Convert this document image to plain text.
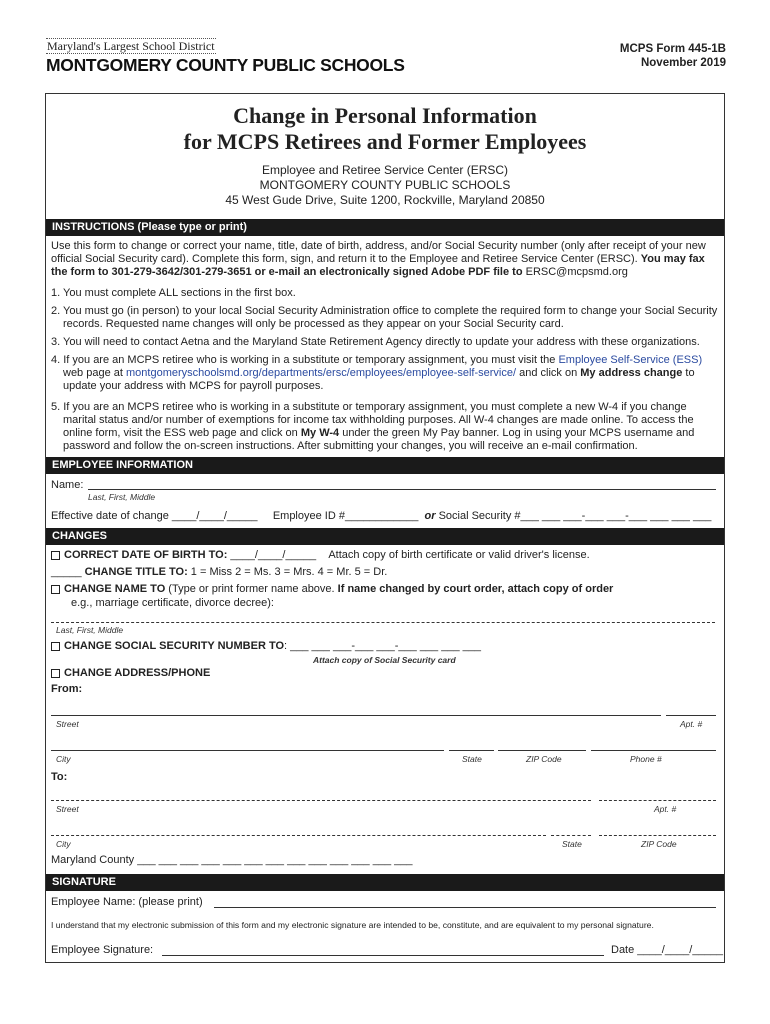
Maryland's Largest School District
MONTGOMERY COUNTY PUBLIC SCHOOLS
MCPS Form 445-1B
November 2019
Change in Personal Information
for MCPS Retirees and Former Employees
Employee and Retiree Service Center (ERSC)
MONTGOMERY COUNTY PUBLIC SCHOOLS
45 West Gude Drive, Suite 1200, Rockville, Maryland 20850
INSTRUCTIONS (Please type or print)
Use this form to change or correct your name, title, date of birth, address, and/or Social Security number (only after receipt of your new official Social Security card). Complete this form, sign, and return it to the Employee and Retiree Service Center (ERSC). You may fax the form to 301-279-3642/301-279-3651 or e-mail an electronically signed Adobe PDF file to ERSC@mcpsmd.org
1. You must complete ALL sections in the first box.
2. You must go (in person) to your local Social Security Administration office to complete the required form to change your Social Security records. Requested name changes will only be processed as they appear on your Social Security card.
3. You will need to contact Aetna and the Maryland State Retirement Agency directly to update your address with these organizations.
4. If you are an MCPS retiree who is working in a substitute or temporary assignment, you must visit the Employee Self-Service (ESS) web page at montgomeryschoolsmd.org/departments/ersc/employees/employee-self-service/ and click on My address change to update your address with MCPS for payroll purposes.
5. If you are an MCPS retiree who is working in a substitute or temporary assignment, you must complete a new W-4 if you change marital status and/or number of exemptions for income tax withholding purposes. All W-4 changes are made online. To access the online form, visit the ESS web page and click on My W-4 under the green My Pay banner. Log in using your MCPS username and password and follow the on-screen instructions. After submitting your changes, you will receive an e-mail confirmation.
EMPLOYEE INFORMATION
Name:
Last, First, Middle
Effective date of change ____/____/_____ Employee ID #____________ or Social Security #___ ___ ___-___ ___-___ ___ ___ ___
CHANGES
CORRECT DATE OF BIRTH TO: ____/____/_____ Attach copy of birth certificate or valid driver's license.
_____ CHANGE TITLE TO: 1 = Miss 2 = Ms. 3 = Mrs. 4 = Mr. 5 = Dr.
CHANGE NAME TO (Type or print former name above. If name changed by court order, attach copy of order
e.g., marriage certificate, divorce decree):
Last, First, Middle
CHANGE SOCIAL SECURITY NUMBER TO: ___ ___ ___-___ ___-___ ___ ___ ___
Attach copy of Social Security card
CHANGE ADDRESS/PHONE
From:
Street	Apt. #
City	State	ZIP Code	Phone #
To:
Street	Apt. #
City	State	ZIP Code
Maryland County ___ ___ ___ ___ ___ ___ ___ ___ ___ ___ ___ ___ ___
SIGNATURE
Employee Name: (please print)
I understand that my electronic submission of this form and my electronic signature are intended to be, constitute, and are equivalent to my personal signature.
Employee Signature:	Date ____/____/_____
